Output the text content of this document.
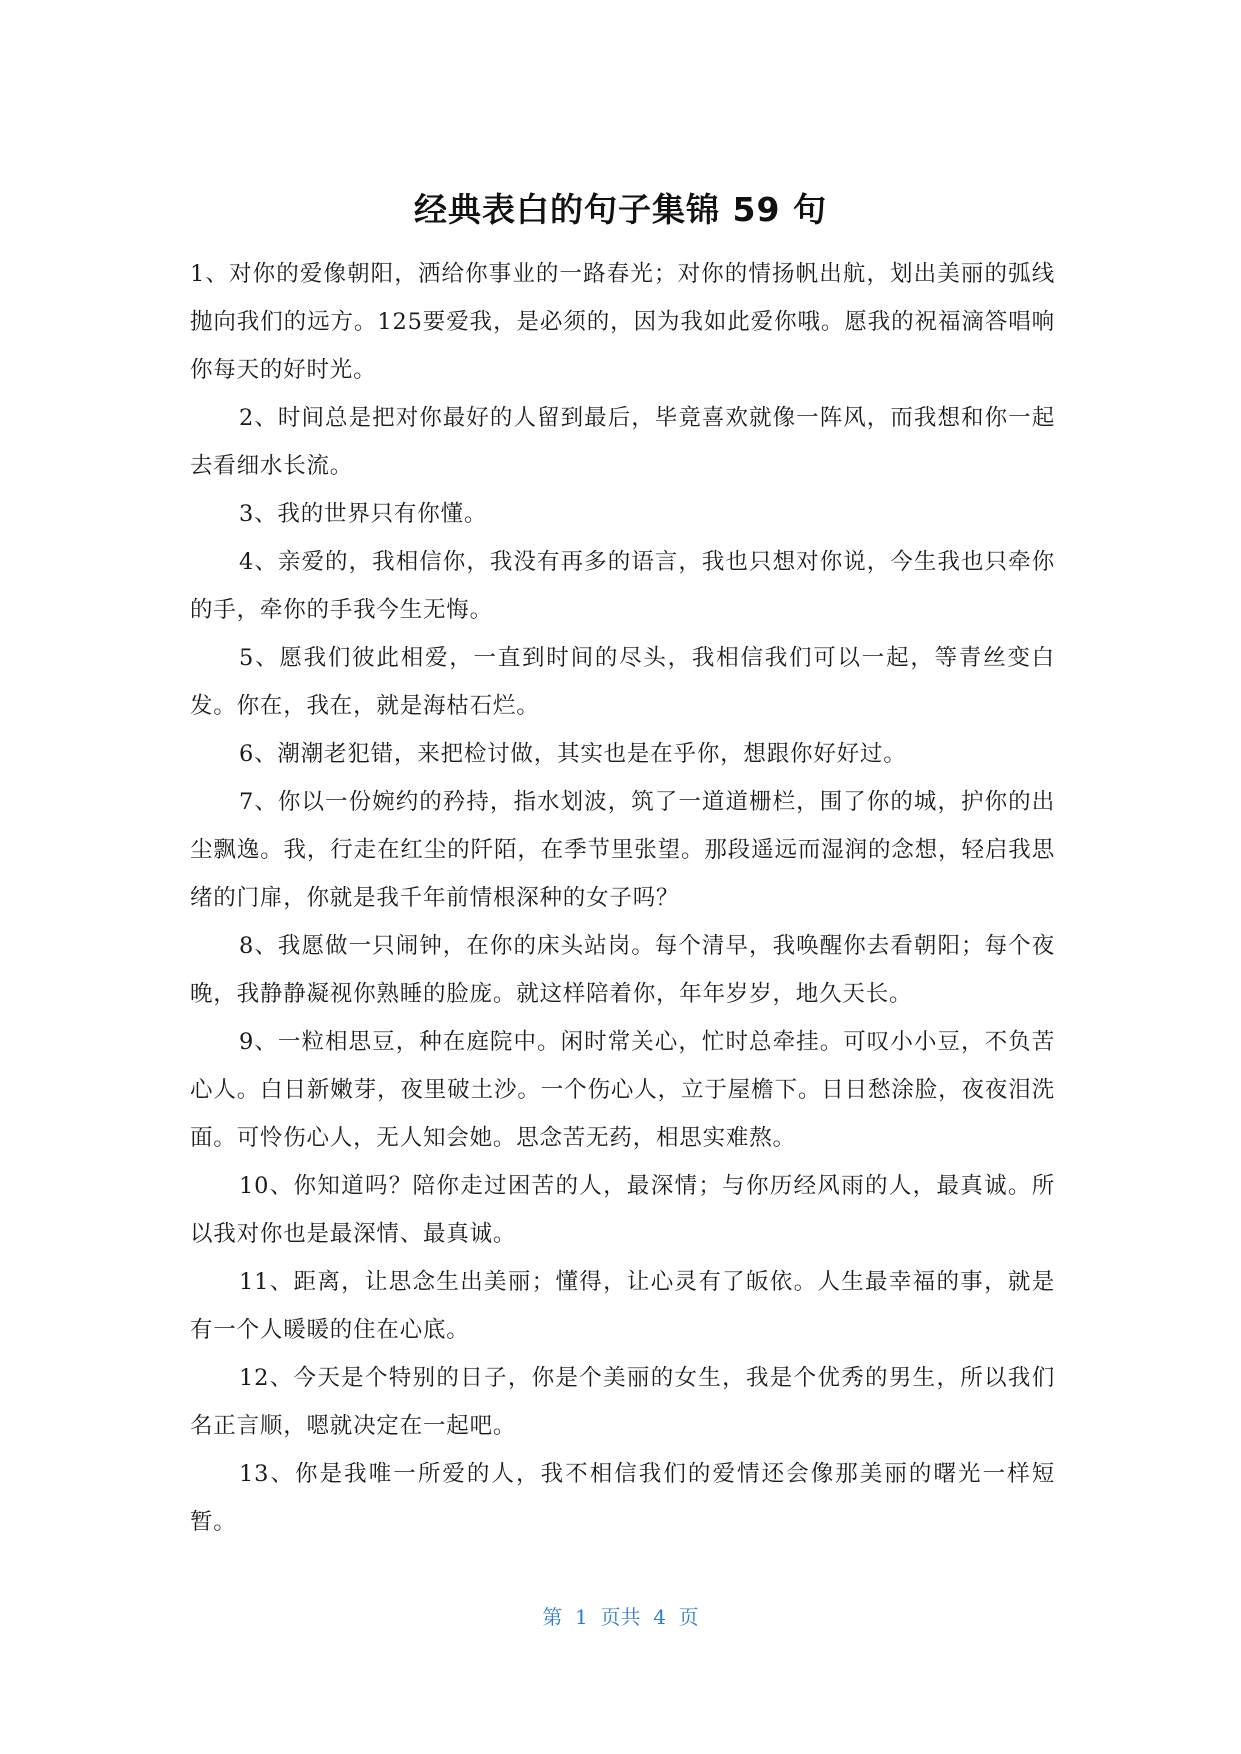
经典表白的句子集锦 59 句

1、对你的爱像朝阳，洒给你事业的一路春光；对你的情扬帆出航，划出美丽的弧线抛向我们的远方。125要爱我，是必须的，因为我如此爱你哦。愿我的祝福滴答唱响你每天的好时光。

2、时间总是把对你最好的人留到最后，毕竟喜欢就像一阵风，而我想和你一起去看细水长流。

3、我的世界只有你懂。

4、亲爱的，我相信你，我没有再多的语言，我也只想对你说，今生我也只牵你的手，牵你的手我今生无悔。

5、愿我们彼此相爱，一直到时间的尽头，我相信我们可以一起，等青丝变白发。你在，我在，就是海枯石烂。

6、潮潮老犯错，来把检讨做，其实也是在乎你，想跟你好好过。

7、你以一份婉约的矜持，指水划波，筑了一道道栅栏，围了你的城，护你的出尘飘逸。我，行走在红尘的阡陌，在季节里张望。那段遥远而湿润的念想，轻启我思绪的门扉，你就是我千年前情根深种的女子吗？

8、我愿做一只闹钟，在你的床头站岗。每个清早，我唤醒你去看朝阳；每个夜晚，我静静凝视你熟睡的脸庞。就这样陪着你，年年岁岁，地久天长。

9、一粒相思豆，种在庭院中。闲时常关心，忙时总牵挂。可叹小小豆，不负苦心人。白日新嫩芽，夜里破土沙。一个伤心人，立于屋檐下。日日愁涂脸，夜夜泪洗面。可怜伤心人，无人知会她。思念苦无药，相思实难熬。

10、你知道吗？陪你走过困苦的人，最深情；与你历经风雨的人，最真诚。所以我对你也是最深情、最真诚。

11、距离，让思念生出美丽；懂得，让心灵有了皈依。人生最幸福的事，就是有一个人暖暖的住在心底。

12、今天是个特别的日子，你是个美丽的女生，我是个优秀的男生，所以我们名正言顺，嗯就决定在一起吧。

13、你是我唯一所爱的人，我不相信我们的爱情还会像那美丽的曙光一样短暂。

第  1  页共  4  页
